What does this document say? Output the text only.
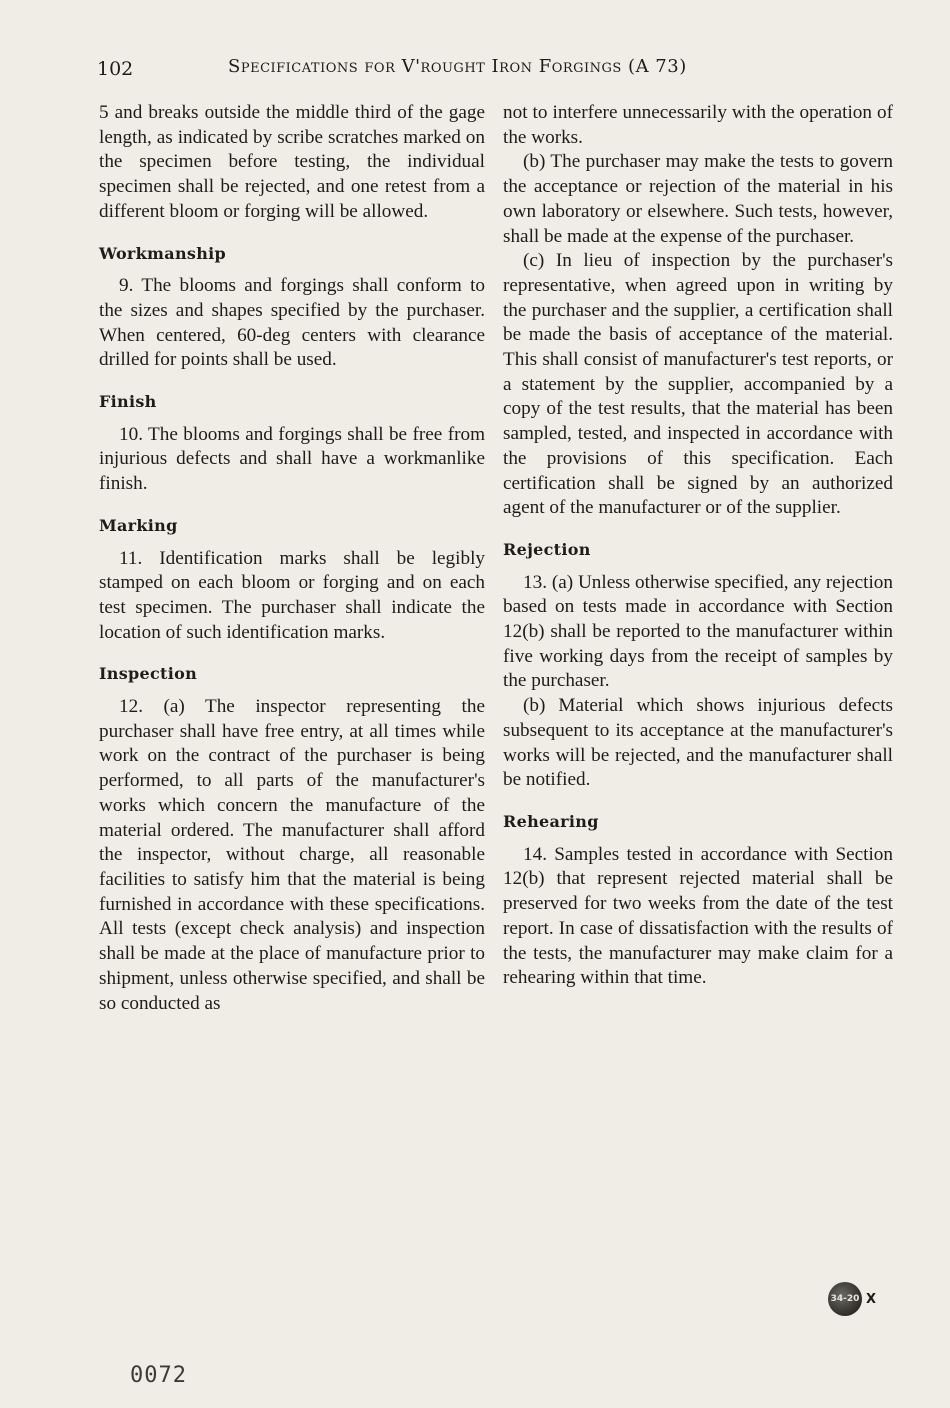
102	Specifications for V'rought Iron Forgings (A 73)

5 and breaks outside the middle third of the gage length, as indicated by scribe scratches marked on the specimen before testing, the individual specimen shall be rejected, and one retest from a different bloom or forging will be allowed.

Workmanship

9. The blooms and forgings shall conform to the sizes and shapes specified by the purchaser. When centered, 60-deg centers with clearance drilled for points shall be used.

Finish

10. The blooms and forgings shall be free from injurious defects and shall have a workmanlike finish.

Marking

11. Identification marks shall be legibly stamped on each bloom or forging and on each test specimen. The purchaser shall indicate the location of such identification marks.

Inspection

12. (a) The inspector representing the purchaser shall have free entry, at all times while work on the contract of the purchaser is being performed, to all parts of the manufacturer's works which concern the manufacture of the material ordered. The manufacturer shall afford the inspector, without charge, all reasonable facilities to satisfy him that the material is being furnished in accordance with these specifications. All tests (except check analysis) and inspection shall be made at the place of manufacture prior to shipment, unless otherwise specified, and shall be so conducted as

not to interfere unnecessarily with the operation of the works.

(b) The purchaser may make the tests to govern the acceptance or rejection of the material in his own laboratory or elsewhere. Such tests, however, shall be made at the expense of the purchaser.

(c) In lieu of inspection by the purchaser's representative, when agreed upon in writing by the purchaser and the supplier, a certification shall be made the basis of acceptance of the material. This shall consist of manufacturer's test reports, or a statement by the supplier, accompanied by a copy of the test results, that the material has been sampled, tested, and inspected in accordance with the provisions of this specification. Each certification shall be signed by an authorized agent of the manufacturer or of the supplier.

Rejection

13. (a) Unless otherwise specified, any rejection based on tests made in accordance with Section 12(b) shall be reported to the manufacturer within five working days from the receipt of samples by the purchaser.

(b) Material which shows injurious defects subsequent to its acceptance at the manufacturer's works will be rejected, and the manufacturer shall be notified.

Rehearing

14. Samples tested in accordance with Section 12(b) that represent rejected material shall be preserved for two weeks from the date of the test report. In case of dissatisfaction with the results of the tests, the manufacturer may make claim for a rehearing within that time.

34-20 X
0072
